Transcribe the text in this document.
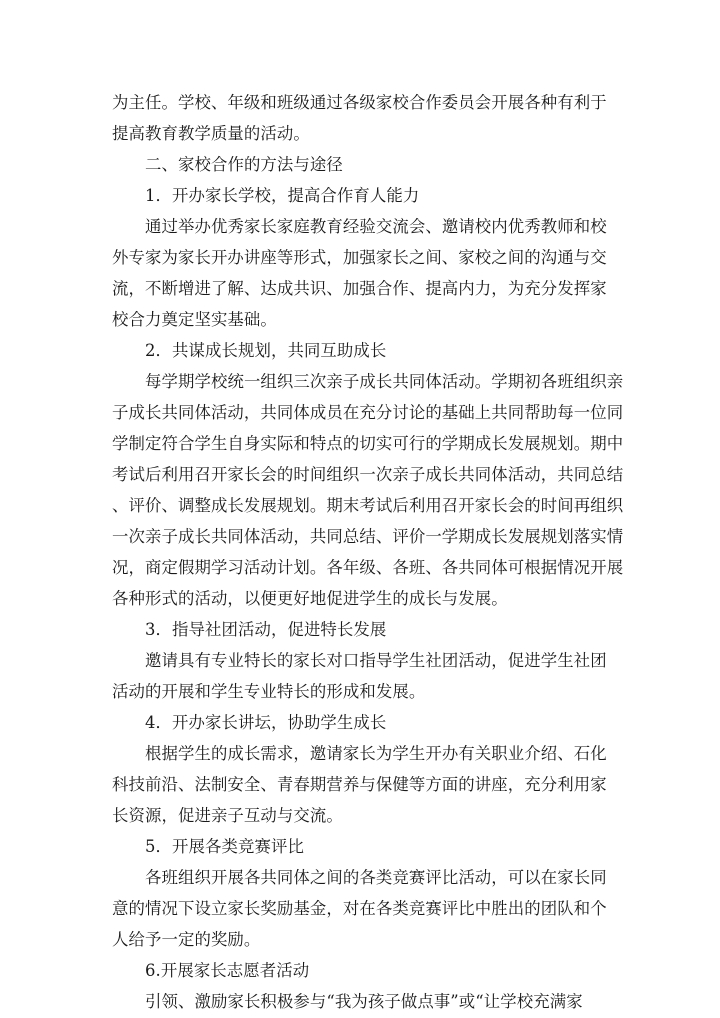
为主任。学校、年级和班级通过各级家校合作委员会开展各种有利于
提高教育教学质量的活动。
二、家校合作的方法与途径
1．开办家长学校，提高合作育人能力
通过举办优秀家长家庭教育经验交流会、邀请校内优秀教师和校
外专家为家长开办讲座等形式，加强家长之间、家校之间的沟通与交
流，不断增进了解、达成共识、加强合作、提高内力，为充分发挥家
校合力奠定坚实基础。
2．共谋成长规划，共同互助成长
每学期学校统一组织三次亲子成长共同体活动。学期初各班组织亲
子成长共同体活动，共同体成员在充分讨论的基础上共同帮助每一位同
学制定符合学生自身实际和特点的切实可行的学期成长发展规划。期中
考试后利用召开家长会的时间组织一次亲子成长共同体活动，共同总结
、评价、调整成长发展规划。期末考试后利用召开家长会的时间再组织
一次亲子成长共同体活动，共同总结、评价一学期成长发展规划落实情
况，商定假期学习活动计划。各年级、各班、各共同体可根据情况开展
各种形式的活动，以便更好地促进学生的成长与发展。
3．指导社团活动，促进特长发展
邀请具有专业特长的家长对口指导学生社团活动，促进学生社团
活动的开展和学生专业特长的形成和发展。
4．开办家长讲坛，协助学生成长
根据学生的成长需求，邀请家长为学生开办有关职业介绍、石化
科技前沿、法制安全、青春期营养与保健等方面的讲座，充分利用家
长资源，促进亲子互动与交流。
5．开展各类竞赛评比
各班组织开展各共同体之间的各类竞赛评比活动，可以在家长同
意的情况下设立家长奖励基金，对在各类竞赛评比中胜出的团队和个
人给予一定的奖励。
6.开展家长志愿者活动
引领、激励家长积极参与“我为孩子做点事”或“让学校充满家
